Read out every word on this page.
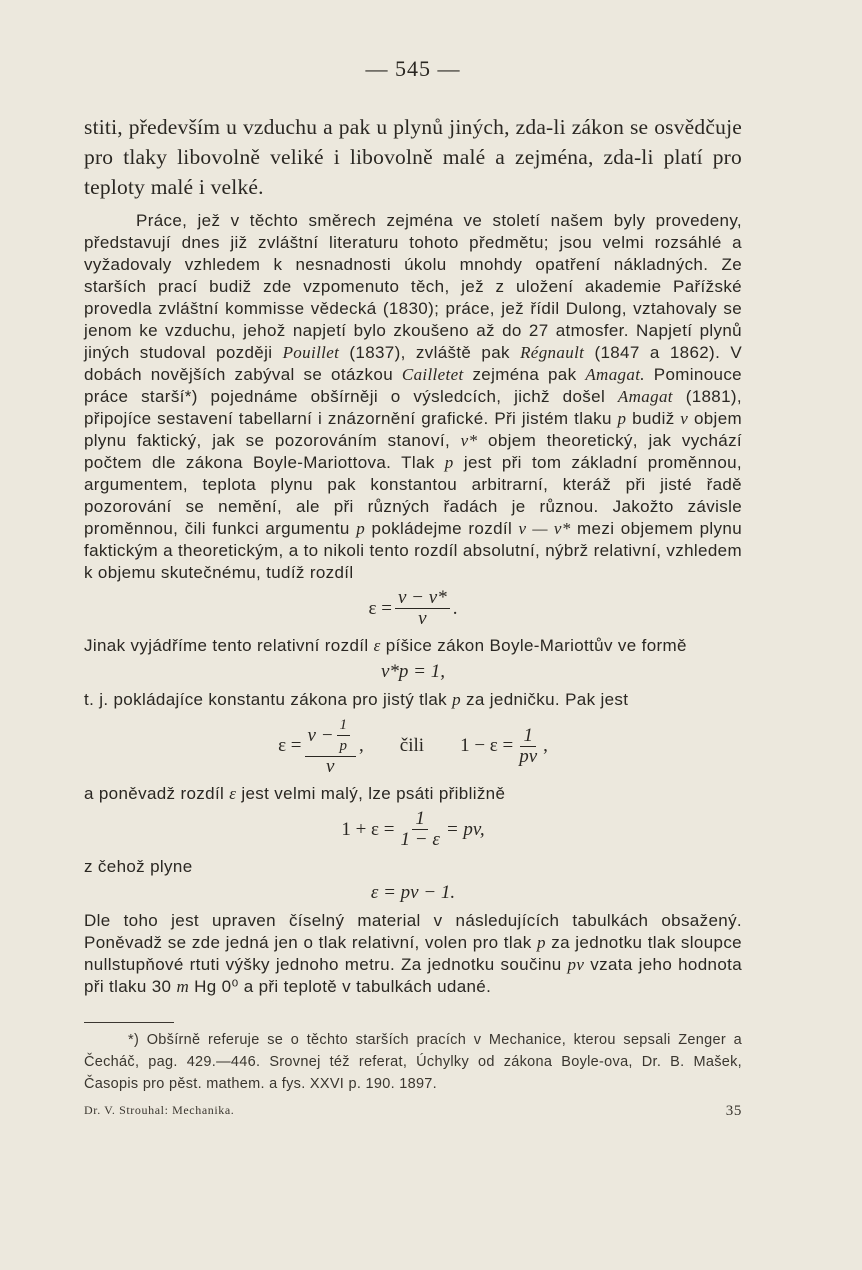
— 545 —

stiti, především u vzduchu a pak u plynů jiných, zda-li zákon se osvědčuje pro tlaky libovolně veliké i libovolně malé a zejména, zda-li platí pro teploty malé i velké.

Práce, jež v těchto směrech zejména ve století našem byly provedeny, představují dnes již zvláštní literaturu tohoto předmětu; jsou velmi rozsáhlé a vyžadovaly vzhledem k nesnadnosti úkolu mnohdy opatření nákladných. Ze starších prací budiž zde vzpomenuto těch, jež z uložení akademie Pařížské provedla zvláštní kommisse vědecká (1830); práce, jež řídil Dulong, vztahovaly se jenom ke vzduchu, jehož napjetí bylo zkoušeno až do 27 atmosfer. Napjetí plynů jiných studoval později Pouillet (1837), zvláště pak Régnault (1847 a 1862). V dobách novějších zabýval se otázkou Cailletet zejména pak Amagat. Pominouce práce starší*) pojednáme obšírněji o výsledcích, jichž došel Amagat (1881), připojíce sestavení tabellarní i znázornění grafické. Při jistém tlaku p budiž v objem plynu faktický, jak se pozorováním stanoví, v* objem theoretický, jak vychází počtem dle zákona Boyle-Mariottova. Tlak p jest při tom základní proměnnou, argumentem, teplota plynu pak konstantou arbitrarní, kteráž při jisté řadě pozorování se nemění, ale při různých řadách je různou. Jakožto závisle proměnnou, čili funkci argumentu p pokládejme rozdíl v — v* mezi objemem plynu faktickým a theoretickým, a to nikoli tento rozdíl absolutní, nýbrž relativní, vzhledem k objemu skutečnému, tudíž rozdíl

$\varepsilon = \frac{v - v*}{v}$ .

Jinak vyjádříme tento relativní rozdíl ε píšice zákon Boyle-Mariottův ve formě

v*p = 1,

t. j. pokládajíce konstantu zákona pro jistý tlak p za jedničku. Pak jest

$\varepsilon = \frac{v - \frac{1}{p}}{v}$ , čili $1 - \varepsilon = \frac{1}{pv}$ ,

a poněvadž rozdíl ε jest velmi malý, lze psáti přibližně

$1 + \varepsilon = \frac{1}{1 - \varepsilon}$ = pv,

z čehož plyne

ε = pv − 1.

Dle toho jest upraven číselný material v následujících tabulkách obsažený. Poněvadž se zde jedná jen o tlak relativní, volen pro tlak p za jednotku tlak sloupce nullstupňové rtuti výšky jednoho metru. Za jednotku součinu pv vzata jeho hodnota při tlaku 30 m Hg 0⁰ a při teplotě v tabulkách udané.

*) Obšírně referuje se o těchto starších pracích v Mechanice, kterou sepsali Zenger a Čecháč, pag. 429.—446. Srovnej též referat, Úchylky od zákona Boyle-ova, Dr. B. Mašek, Časopis pro pěst. mathem. a fys. XXVI p. 190. 1897.

Dr. V. Strouhal: Mechanika.	35
